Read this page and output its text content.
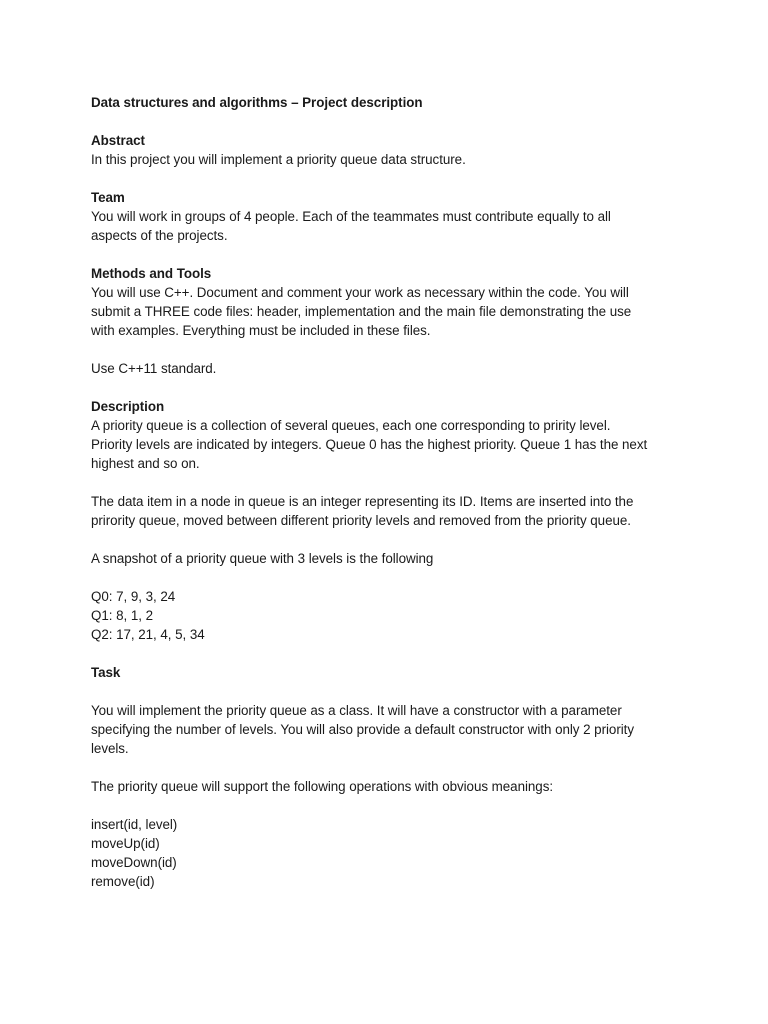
Data structures and algorithms – Project description
Abstract
In this project you will implement a priority queue data structure.
Team
You will work in groups of 4 people. Each of the teammates must contribute equally to all
aspects of the projects.
Methods and Tools
You will use C++. Document and comment your work as necessary within the code. You will
submit a THREE code files: header, implementation and the main file demonstrating the use
with examples. Everything must be included in these files.
Use C++11 standard.
Description
A priority queue is a collection of several queues, each one corresponding to pririty level.
Priority levels are indicated by integers. Queue 0 has the highest priority. Queue 1 has the next
highest and so on.
The data item in a node in queue is an integer representing its ID. Items are inserted into the
prirority queue, moved between different priority levels and removed from the priority queue.
A snapshot of a priority queue with 3 levels is the following
Q0: 7, 9, 3, 24
Q1: 8, 1, 2
Q2: 17, 21, 4, 5, 34
Task
You will implement the priority queue as a class. It will have a constructor with a parameter
specifying the number of levels. You will also provide a default constructor with only 2 priority
levels.
The priority queue will support the following operations with obvious meanings:
insert(id, level)
moveUp(id)
moveDown(id)
remove(id)
